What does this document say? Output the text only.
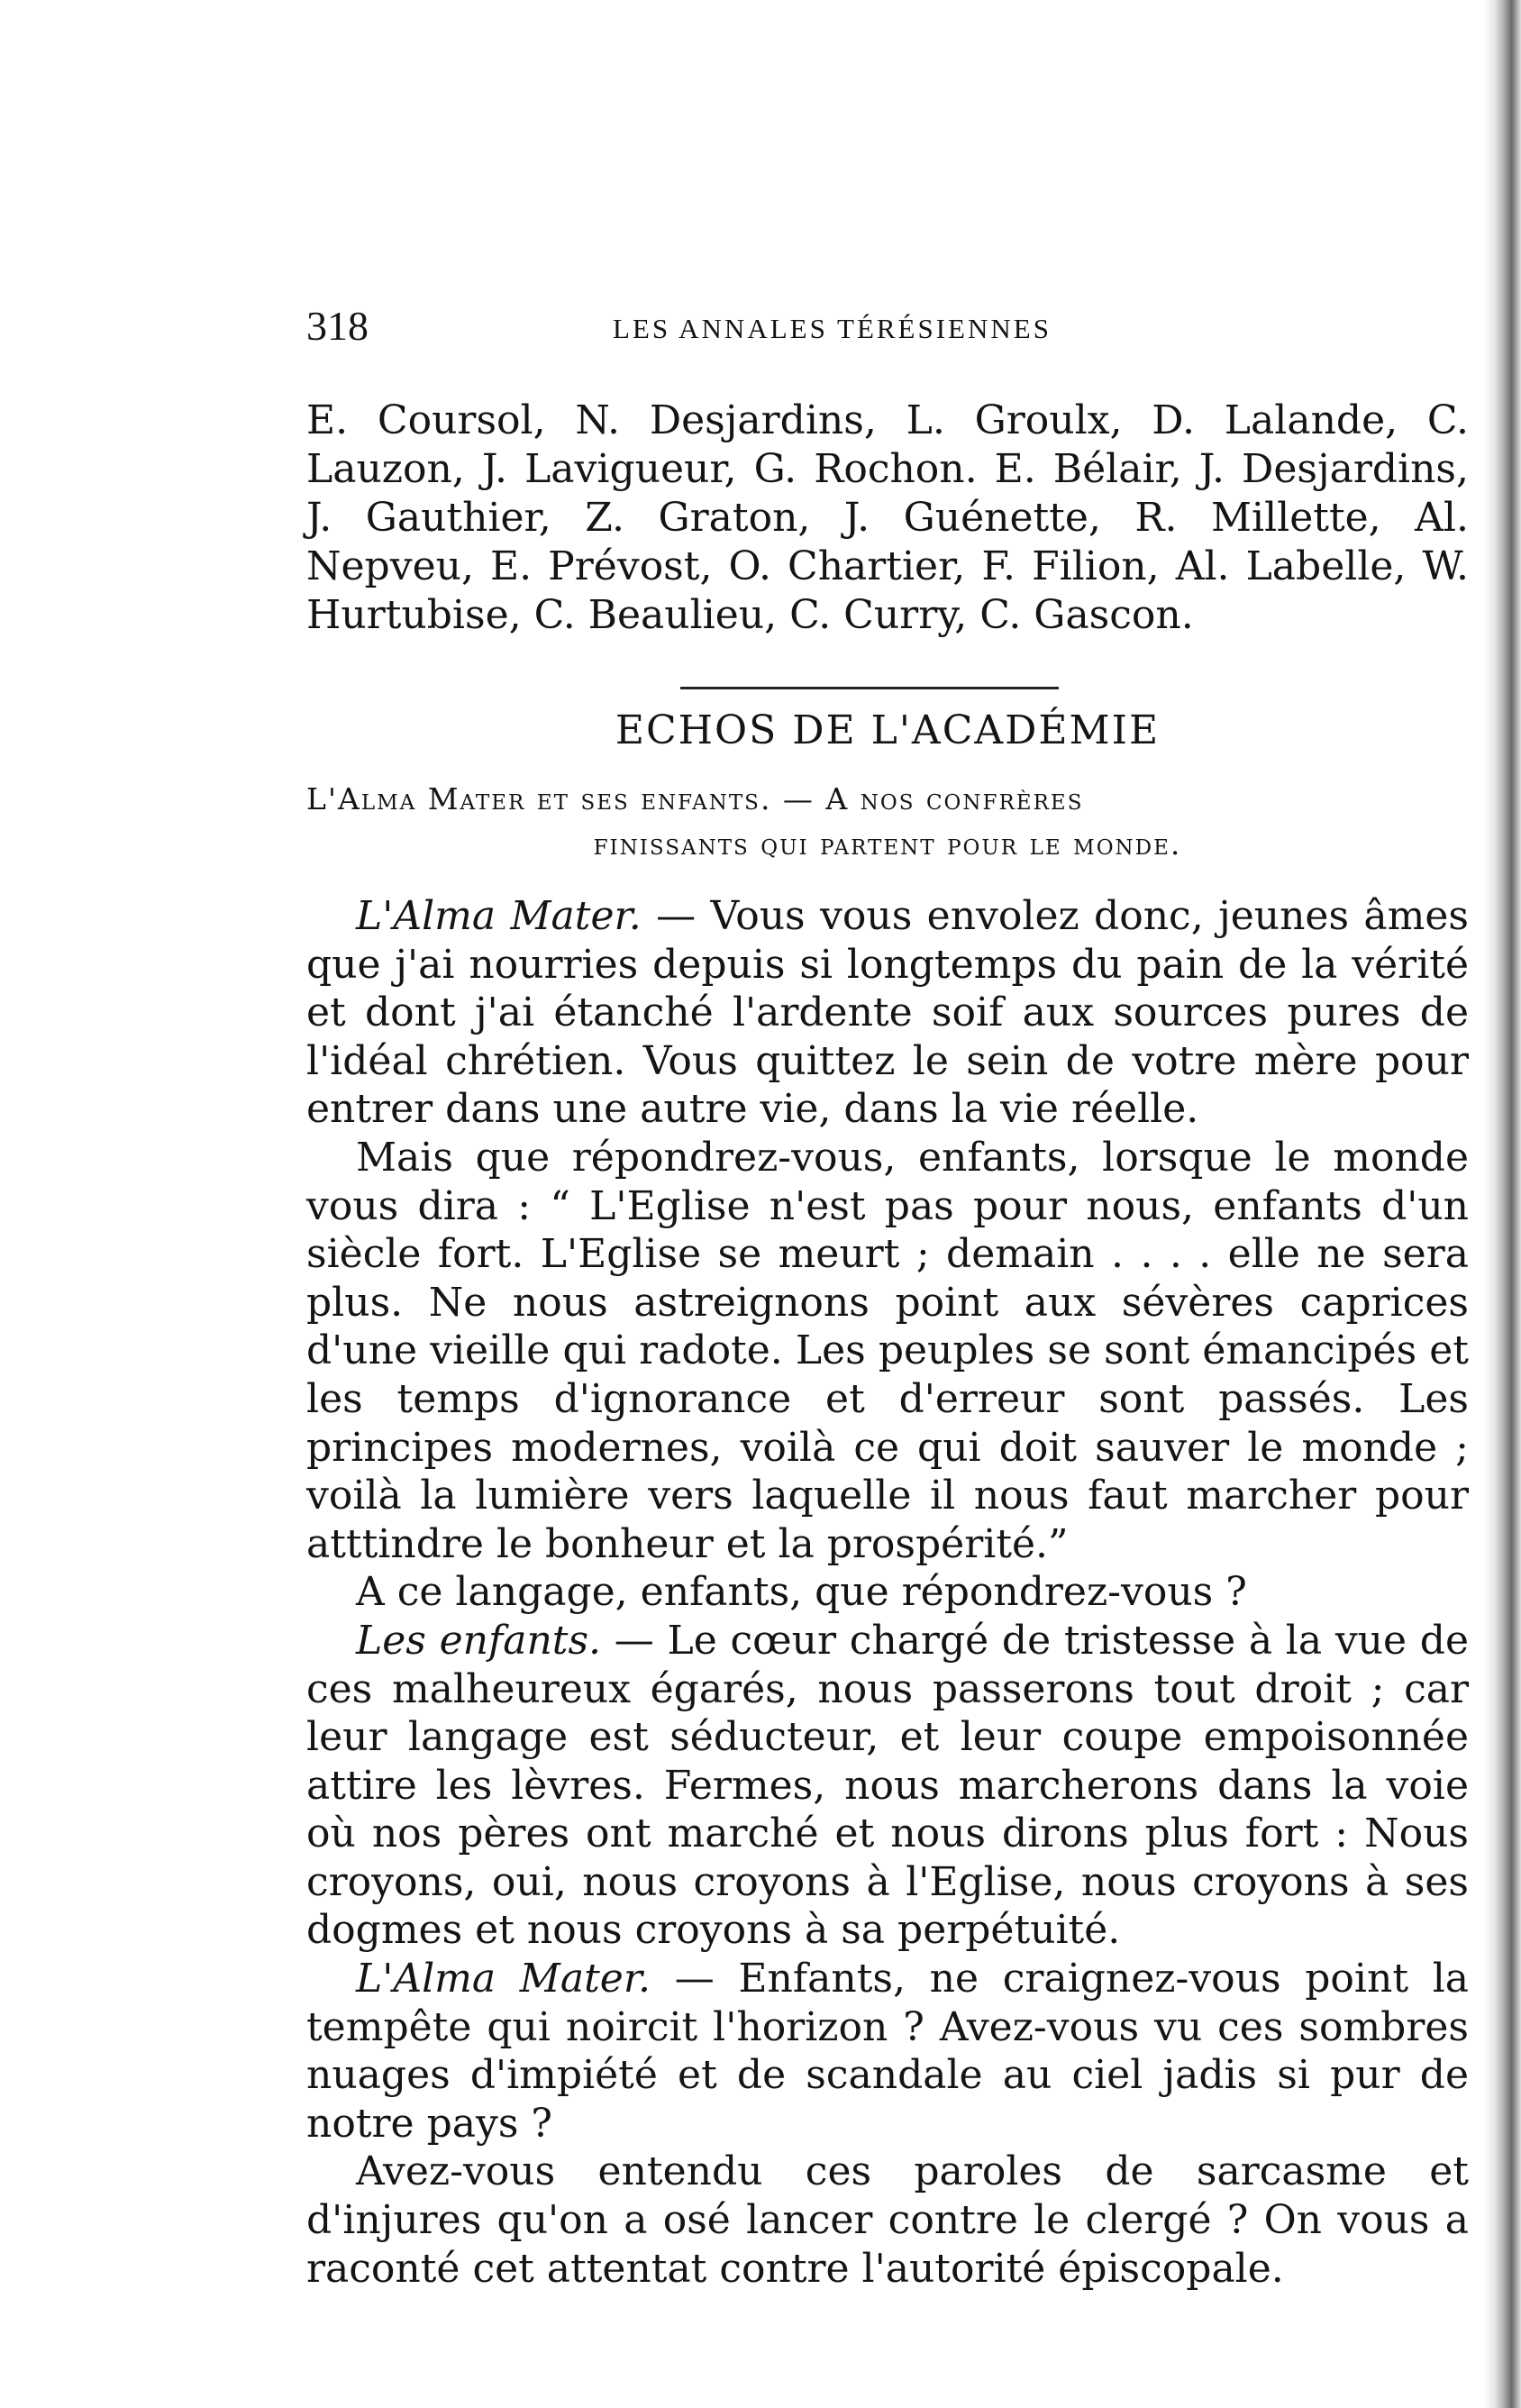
318	LES ANNALES TÉRÉSIENNES
E. Coursol, N. Desjardins, L. Groulx, D. Lalande, C. Lauzon, J. Lavigueur, G. Rochon. E. Bélair, J. Desjardins, J. Gauthier, Z. Graton, J. Guénette, R. Millette, Al. Nepveu, E. Prévost, O. Chartier, F. Filion, Al. Labelle, W. Hurtubise, C. Beaulieu, C. Curry, C. Gascon.
ECHOS DE L'ACADÉMIE
L'Alma Mater et ses enfants. — A nos confrères
finissants qui partent pour le monde.

L'Alma Mater. — Vous vous envolez donc, jeunes âmes que j'ai nourries depuis si longtemps du pain de la vérité et dont j'ai étanché l'ardente soif aux sources pures de l'idéal chrétien. Vous quittez le sein de votre mère pour entrer dans une autre vie, dans la vie réelle.

Mais que répondrez-vous, enfants, lorsque le monde vous dira : “ L'Eglise n'est pas pour nous, enfants d'un siècle fort. L'Eglise se meurt ; demain . . . . elle ne sera plus. Ne nous astreignons point aux sévères caprices d'une vieille qui radote. Les peuples se sont émancipés et les temps d'ignorance et d'erreur sont passés. Les principes modernes, voilà ce qui doit sauver le monde ; voilà la lumière vers laquelle il nous faut marcher pour atttindre le bonheur et la prospérité.”

A ce langage, enfants, que répondrez-vous ?

Les enfants. — Le cœur chargé de tristesse à la vue de ces malheureux égarés, nous passerons tout droit ; car leur langage est séducteur, et leur coupe empoisonnée attire les lèvres. Fermes, nous marcherons dans la voie où nos pères ont marché et nous dirons plus fort : Nous croyons, oui, nous croyons à l'Eglise, nous croyons à ses dogmes et nous croyons à sa perpétuité.

L'Alma Mater. — Enfants, ne craignez-vous point la tempête qui noircit l'horizon ? Avez-vous vu ces sombres nuages d'impiété et de scandale au ciel jadis si pur de notre pays ?

Avez-vous entendu ces paroles de sarcasme et d'injures qu'on a osé lancer contre le clergé ? On vous a raconté cet attentat contre l'autorité épiscopale.
